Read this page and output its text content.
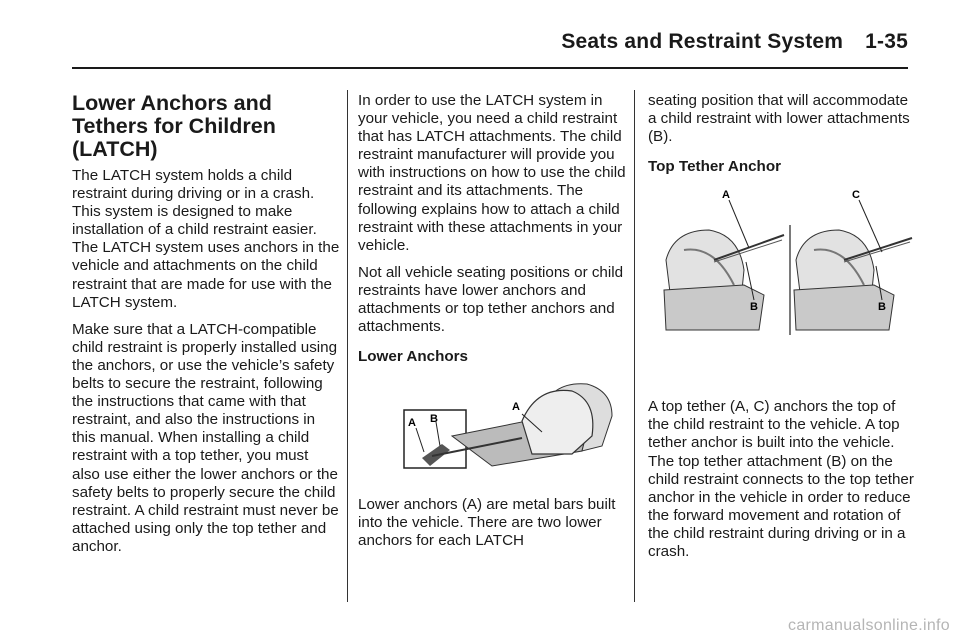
Seats and Restraint System 1-35
Lower Anchors and Tethers for Children (LATCH)

The LATCH system holds a child restraint during driving or in a crash. This system is designed to make installation of a child restraint easier. The LATCH system uses anchors in the vehicle and attachments on the child restraint that are made for use with the LATCH system.

Make sure that a LATCH-compatible child restraint is properly installed using the anchors, or use the vehicle’s safety belts to secure the restraint, following the instructions that came with that restraint, and also the instructions in this manual. When installing a child restraint with a top tether, you must also use either the lower anchors or the safety belts to properly secure the child restraint. A child restraint must never be attached using only the top tether and anchor.

In order to use the LATCH system in your vehicle, you need a child restraint that has LATCH attachments. The child restraint manufacturer will provide you with instructions on how to use the child restraint and its attachments. The following explains how to attach a child restraint with these attachments in your vehicle.

Not all vehicle seating positions or child restraints have lower anchors and attachments or top tether anchors and attachments.

Lower Anchors
A B
A

Lower anchors (A) are metal bars built into the vehicle. There are two lower anchors for each LATCH

seating position that will accommodate a child restraint with lower attachments (B).

Top Tether Anchor
A
B
C
B

A top tether (A, C) anchors the top of the child restraint to the vehicle. A top tether anchor is built into the vehicle. The top tether attachment (B) on the child restraint connects to the top tether anchor in the vehicle in order to reduce the forward movement and rotation of the child restraint during driving or in a crash.

carmanualsonline.info
